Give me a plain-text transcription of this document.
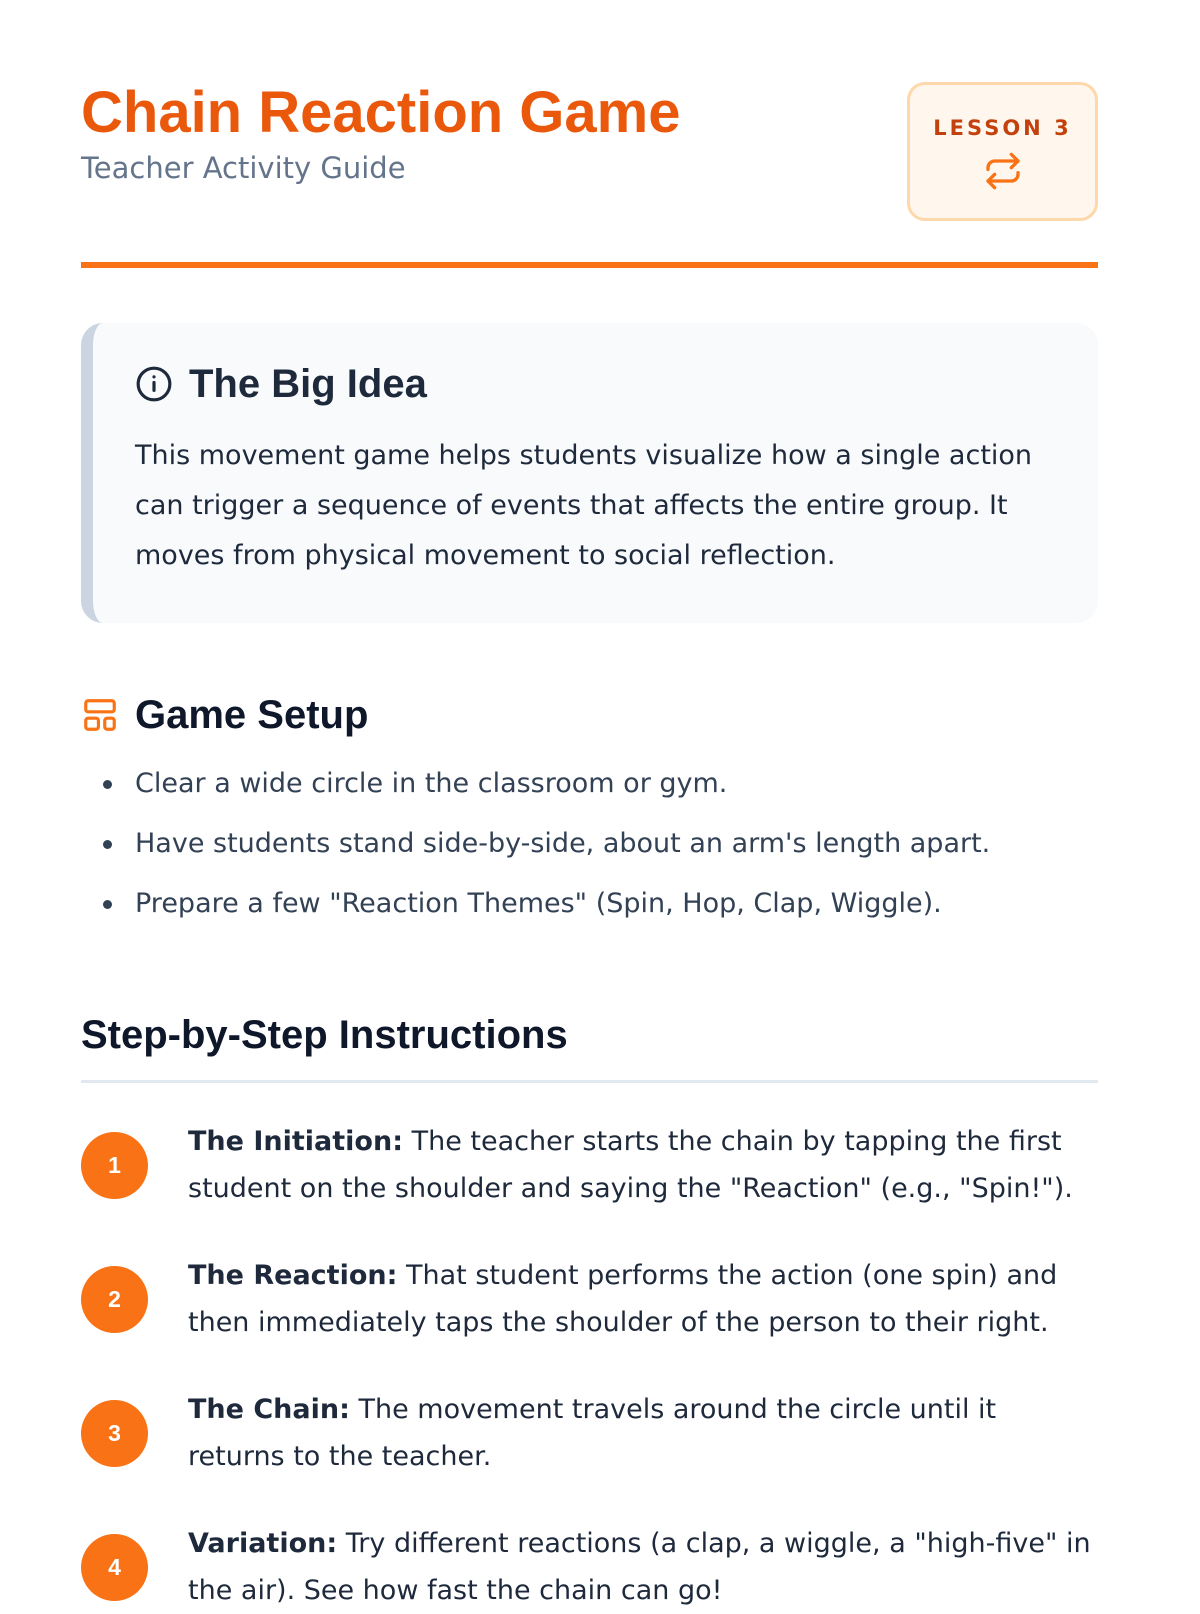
Chain Reaction Game
Teacher Activity Guide
LESSON 3
The Big Idea

This movement game helps students visualize how a single action can trigger a sequence of events that affects the entire group. It moves from physical movement to social reflection.

Game Setup
Clear a wide circle in the classroom or gym.
Have students stand side-by-side, about an arm's length apart.
Prepare a few "Reaction Themes" (Spin, Hop, Clap, Wiggle).
Step-by-Step Instructions
1
The Initiation: The teacher starts the chain by tapping the first student on the shoulder and saying the "Reaction" (e.g., "Spin!").
2
The Reaction: That student performs the action (one spin) and then immediately taps the shoulder of the person to their right.
3
The Chain: The movement travels around the circle until it returns to the teacher.
4
Variation: Try different reactions (a clap, a wiggle, a "high-five" in the air). See how fast the chain can go!
